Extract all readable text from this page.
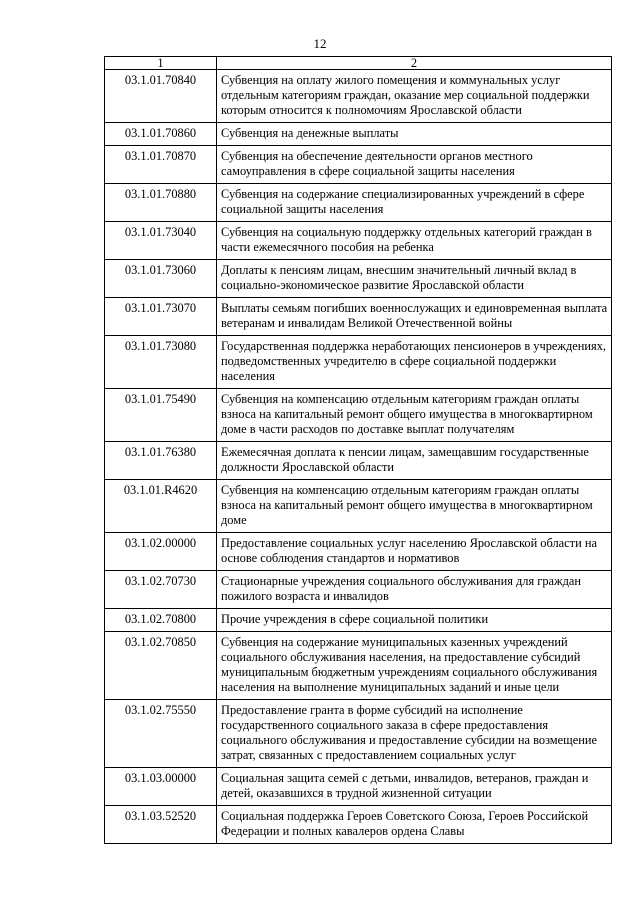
12
1	2
03.1.01.70840	Субвенция на оплату жилого помещения и коммунальных услуг отдельным категориям граждан, оказание мер социальной поддержки которым относится к полномочиям Ярославской области
03.1.01.70860	Субвенция на денежные выплаты
03.1.01.70870	Субвенция на обеспечение деятельности органов местного самоуправления в сфере социальной защиты населения
03.1.01.70880	Субвенция на содержание специализированных учреждений в сфере социальной защиты населения
03.1.01.73040	Субвенция на социальную поддержку отдельных категорий граждан в части ежемесячного пособия на ребенка
03.1.01.73060	Доплаты к пенсиям лицам, внесшим значительный личный вклад в социально-экономическое развитие Ярославской области
03.1.01.73070	Выплаты семьям погибших военнослужащих и единовременная выплата ветеранам и инвалидам Великой Отечественной войны
03.1.01.73080	Государственная поддержка неработающих пенсионеров в учреждениях, подведомственных учредителю в сфере социальной поддержки населения
03.1.01.75490	Субвенция на компенсацию отдельным категориям граждан оплаты взноса на капитальный ремонт общего имущества в многоквартирном доме в части расходов по доставке выплат получателям
03.1.01.76380	Ежемесячная доплата к пенсии лицам, замещавшим государственные должности Ярославской области
03.1.01.R4620	Субвенция на компенсацию отдельным категориям граждан оплаты взноса на капитальный ремонт общего имущества в многоквартирном доме
03.1.02.00000	Предоставление социальных услуг населению Ярославской области на основе соблюдения стандартов и нормативов
03.1.02.70730	Стационарные учреждения социального обслуживания для граждан пожилого возраста и инвалидов
03.1.02.70800	Прочие учреждения в сфере социальной политики
03.1.02.70850	Субвенция на содержание муниципальных казенных учреждений социального обслуживания населения, на предоставление субсидий муниципальным бюджетным учреждениям социального обслуживания населения на выполнение муниципальных заданий и иные цели
03.1.02.75550	Предоставление гранта в форме субсидий на исполнение государственного социального заказа в сфере предоставления социального обслуживания и предоставление субсидии на возмещение затрат, связанных с предоставлением социальных услуг
03.1.03.00000	Социальная защита семей с детьми, инвалидов, ветеранов, граждан и детей, оказавшихся в трудной жизненной ситуации
03.1.03.52520	Социальная поддержка Героев Советского Союза, Героев Российской Федерации и полных кавалеров ордена Славы
